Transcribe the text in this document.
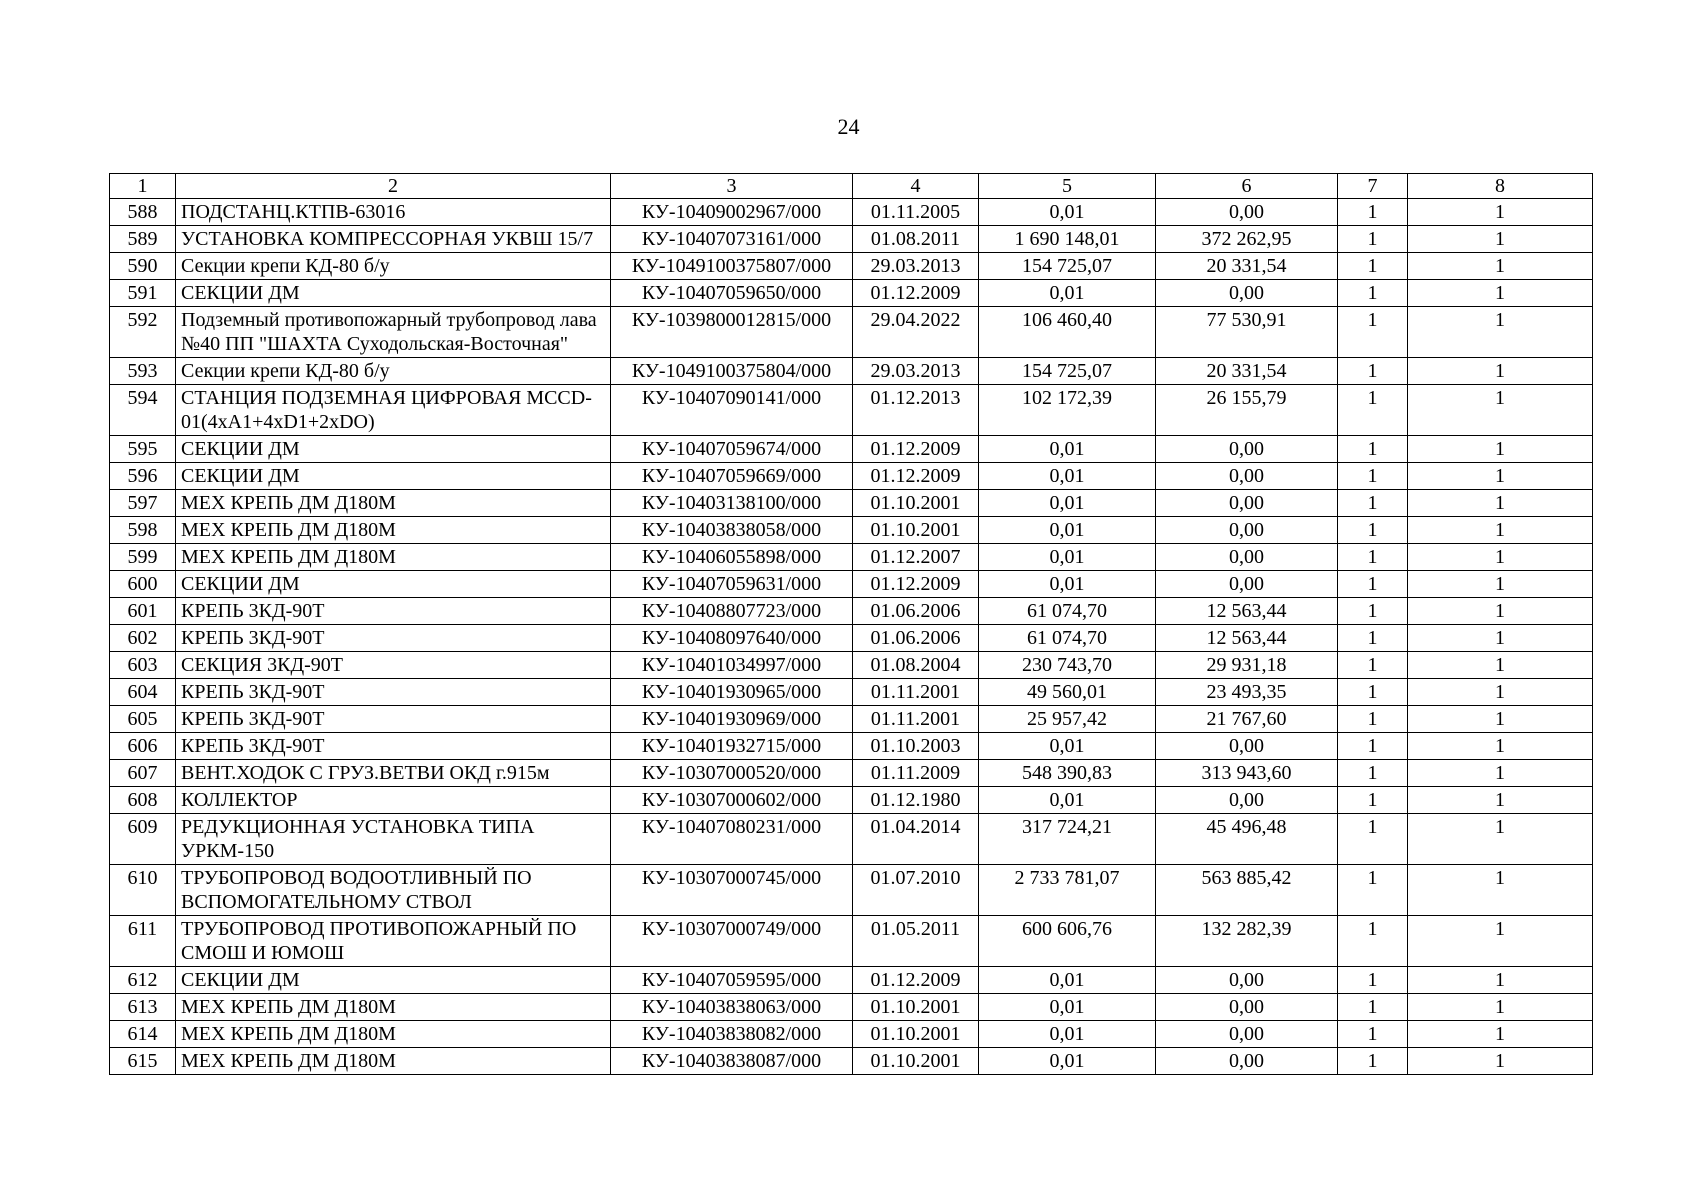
24
1	2	3	4	5	6	7	8
588	ПОДСТАНЦ.КТПВ-63016	КУ-10409002967/000	01.11.2005	0,01	0,00	1	1
589	УСТАНОВКА КОМПРЕССОРНАЯ УКВШ 15/7	КУ-10407073161/000	01.08.2011	1 690 148,01	372 262,95	1	1
590	Секции крепи КД-80 б/у	КУ-1049100375807/000	29.03.2013	154 725,07	20 331,54	1	1
591	СЕКЦИИ ДМ	КУ-10407059650/000	01.12.2009	0,01	0,00	1	1
592	Подземный противопожарный трубопровод лава №40 ПП "ШАХТА Суходольская-Восточная"	КУ-1039800012815/000	29.04.2022	106 460,40	77 530,91	1	1
593	Секции крепи КД-80 б/у	КУ-1049100375804/000	29.03.2013	154 725,07	20 331,54	1	1
594	СТАНЦИЯ ПОДЗЕМНАЯ ЦИФРОВАЯ МССD-01(4хА1+4хD1+2хDO)	КУ-10407090141/000	01.12.2013	102 172,39	26 155,79	1	1
595	СЕКЦИИ ДМ	КУ-10407059674/000	01.12.2009	0,01	0,00	1	1
596	СЕКЦИИ ДМ	КУ-10407059669/000	01.12.2009	0,01	0,00	1	1
597	МЕХ КРЕПЬ ДМ Д180М	КУ-10403138100/000	01.10.2001	0,01	0,00	1	1
598	МЕХ КРЕПЬ ДМ Д180М	КУ-10403838058/000	01.10.2001	0,01	0,00	1	1
599	МЕХ КРЕПЬ ДМ Д180М	КУ-10406055898/000	01.12.2007	0,01	0,00	1	1
600	СЕКЦИИ ДМ	КУ-10407059631/000	01.12.2009	0,01	0,00	1	1
601	КРЕПЬ 3КД-90Т	КУ-10408807723/000	01.06.2006	61 074,70	12 563,44	1	1
602	КРЕПЬ 3КД-90Т	КУ-10408097640/000	01.06.2006	61 074,70	12 563,44	1	1
603	СЕКЦИЯ 3КД-90Т	КУ-10401034997/000	01.08.2004	230 743,70	29 931,18	1	1
604	КРЕПЬ 3КД-90Т	КУ-10401930965/000	01.11.2001	49 560,01	23 493,35	1	1
605	КРЕПЬ 3КД-90Т	КУ-10401930969/000	01.11.2001	25 957,42	21 767,60	1	1
606	КРЕПЬ 3КД-90Т	КУ-10401932715/000	01.10.2003	0,01	0,00	1	1
607	ВЕНТ.ХОДОК С ГРУЗ.ВЕТВИ ОКД г.915м	КУ-10307000520/000	01.11.2009	548 390,83	313 943,60	1	1
608	КОЛЛЕКТОР	КУ-10307000602/000	01.12.1980	0,01	0,00	1	1
609	РЕДУКЦИОННАЯ УСТАНОВКА ТИПА УРКМ-150	КУ-10407080231/000	01.04.2014	317 724,21	45 496,48	1	1
610	ТРУБОПРОВОД ВОДООТЛИВНЫЙ ПО ВСПОМОГАТЕЛЬНОМУ СТВОЛ	КУ-10307000745/000	01.07.2010	2 733 781,07	563 885,42	1	1
611	ТРУБОПРОВОД ПРОТИВОПОЖАРНЫЙ ПО СМОШ И ЮМОШ	КУ-10307000749/000	01.05.2011	600 606,76	132 282,39	1	1
612	СЕКЦИИ ДМ	КУ-10407059595/000	01.12.2009	0,01	0,00	1	1
613	МЕХ КРЕПЬ ДМ Д180М	КУ-10403838063/000	01.10.2001	0,01	0,00	1	1
614	МЕХ КРЕПЬ ДМ Д180М	КУ-10403838082/000	01.10.2001	0,01	0,00	1	1
615	МЕХ КРЕПЬ ДМ Д180М	КУ-10403838087/000	01.10.2001	0,01	0,00	1	1
